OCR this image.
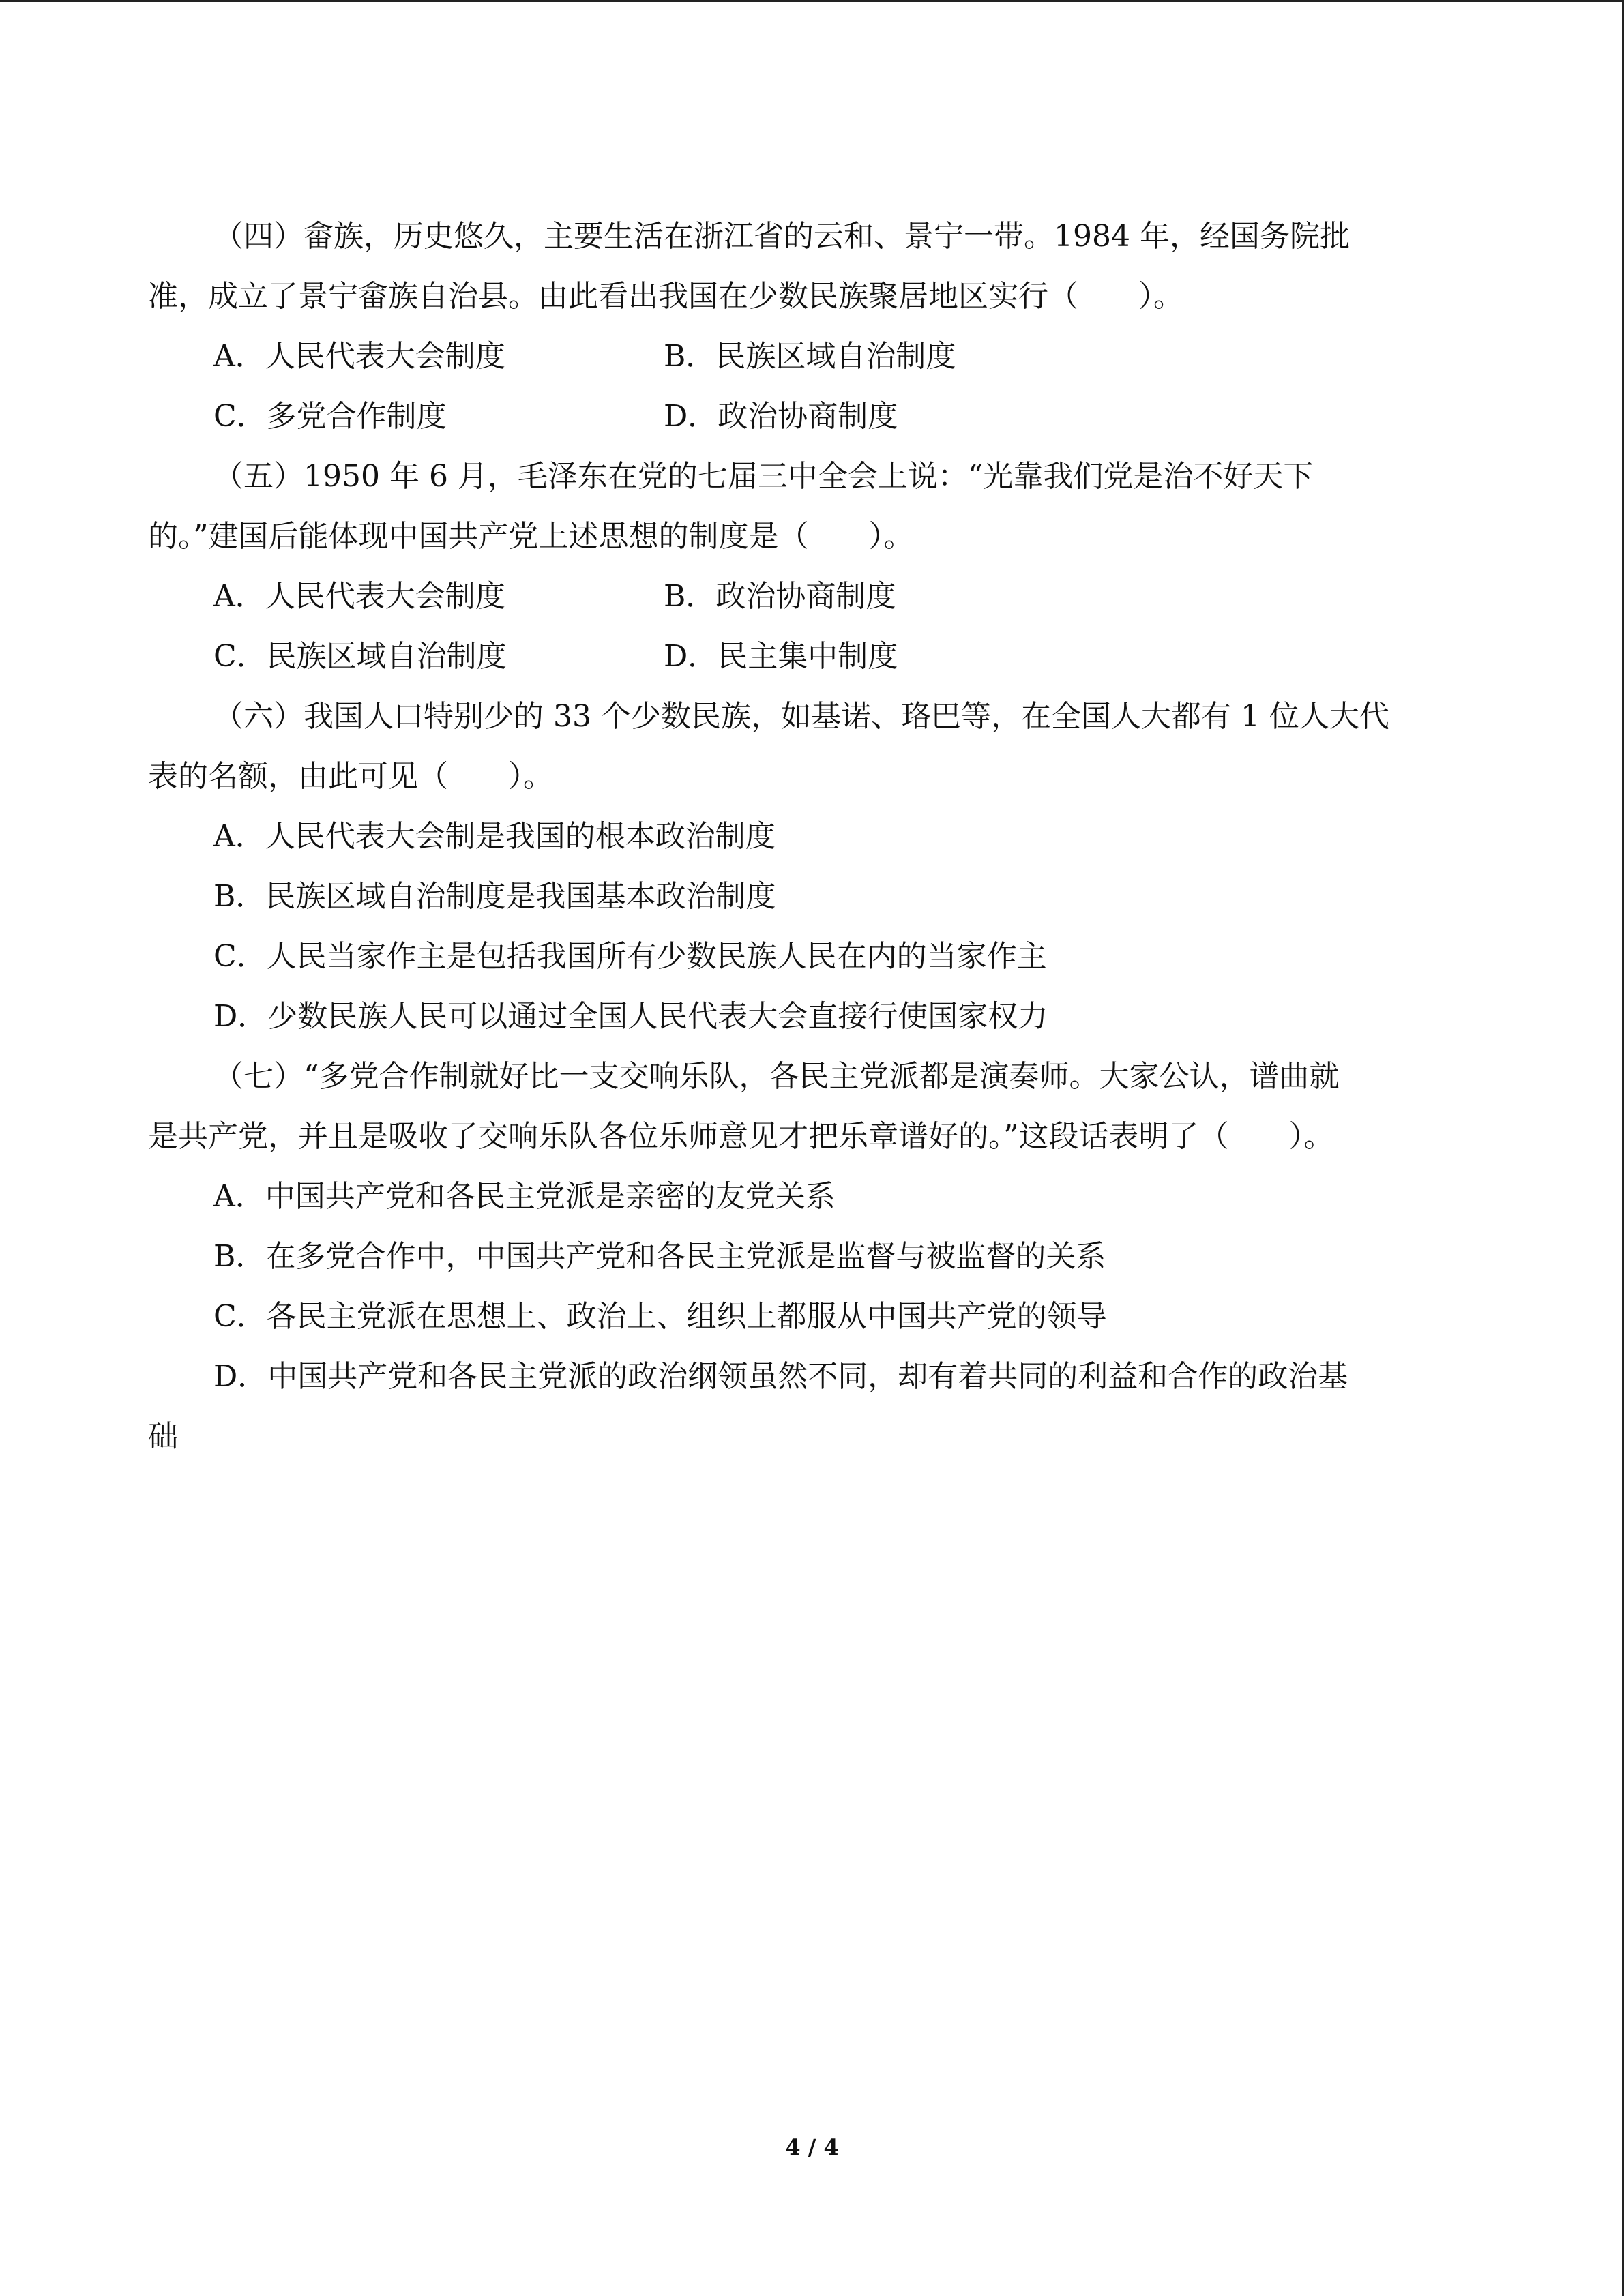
（四）畲族，历史悠久，主要生活在浙江省的云和、景宁一带。1984 年，经国务院批
准，成立了景宁畲族自治县。由此看出我国在少数民族聚居地区实行（　　）。
A．人民代表大会制度	B．民族区域自治制度
C．多党合作制度	D．政治协商制度
（五）1950 年 6 月，毛泽东在党的七届三中全会上说：“光靠我们党是治不好天下
的。”建国后能体现中国共产党上述思想的制度是（　　）。
A．人民代表大会制度	B．政治协商制度
C．民族区域自治制度	D．民主集中制度
（六）我国人口特别少的 33 个少数民族，如基诺、珞巴等，在全国人大都有 1 位人大代
表的名额，由此可见（　　）。
A．人民代表大会制是我国的根本政治制度
B．民族区域自治制度是我国基本政治制度
C．人民当家作主是包括我国所有少数民族人民在内的当家作主
D．少数民族人民可以通过全国人民代表大会直接行使国家权力
（七）“多党合作制就好比一支交响乐队，各民主党派都是演奏师。大家公认，谱曲就
是共产党，并且是吸收了交响乐队各位乐师意见才把乐章谱好的。”这段话表明了（　　）。
A．中国共产党和各民主党派是亲密的友党关系
B．在多党合作中，中国共产党和各民主党派是监督与被监督的关系
C．各民主党派在思想上、政治上、组织上都服从中国共产党的领导
D．中国共产党和各民主党派的政治纲领虽然不同，却有着共同的利益和合作的政治基
础
4 / 4
